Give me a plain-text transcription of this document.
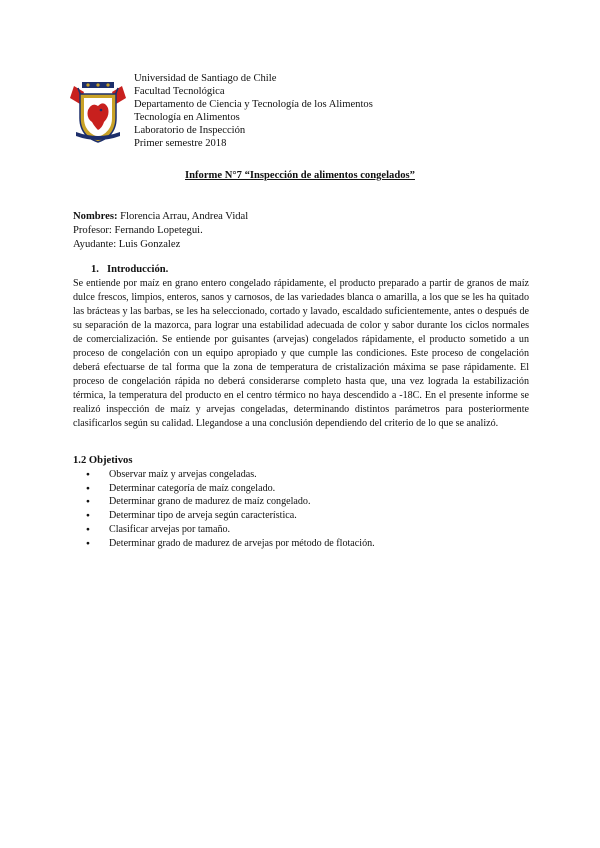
Universidad de Santiago de Chile
Facultad Tecnológica
Departamento de Ciencia y Tecnología de los Alimentos
Tecnología en Alimentos
Laboratorio de Inspección
Primer semestre 2018
Informe N°7 “Inspección de alimentos congelados”
Nombres: Florencia Arrau, Andrea Vidal
Profesor: Fernando Lopetegui.
Ayudante: Luis Gonzalez
1. Introducción.
Se entiende por maíz en grano entero congelado rápidamente, el producto preparado a partir de granos de maíz dulce frescos, limpios, enteros, sanos y carnosos, de las variedades blanca o amarilla, a los que se les ha quitado las brácteas y las barbas, se les ha seleccionado, cortado y lavado, escaldado suficientemente, antes o después de su separación de la mazorca, para lograr una estabilidad adecuada de color y sabor durante los ciclos normales de comercialización. Se entiende por guisantes (arvejas) congelados rápidamente, el producto sometido a un proceso de congelación con un equipo apropiado y que cumple las condiciones. Este proceso de congelación deberá efectuarse de tal forma que la zona de temperatura de cristalización máxima se pase rápidamente. El proceso de congelación rápida no deberá considerarse completo hasta que, una vez lograda la estabilización térmica, la temperatura del producto en el centro térmico no haya descendido a -18C. En el presente informe se realizó inspección de maíz y arvejas congeladas, determinando distintos parámetros para posteriormente clasificarlos según su calidad. Llegandose a una conclusión dependiendo del criterio de lo que se analizó.
1.2 Objetivos
● Observar maíz y arvejas congeladas.
● Determinar categoría de maíz congelado.
● Determinar grano de madurez de maíz congelado.
● Determinar tipo de arveja según característica.
● Clasificar arvejas por tamaño.
● Determinar grado de madurez de arvejas por método de flotación.
